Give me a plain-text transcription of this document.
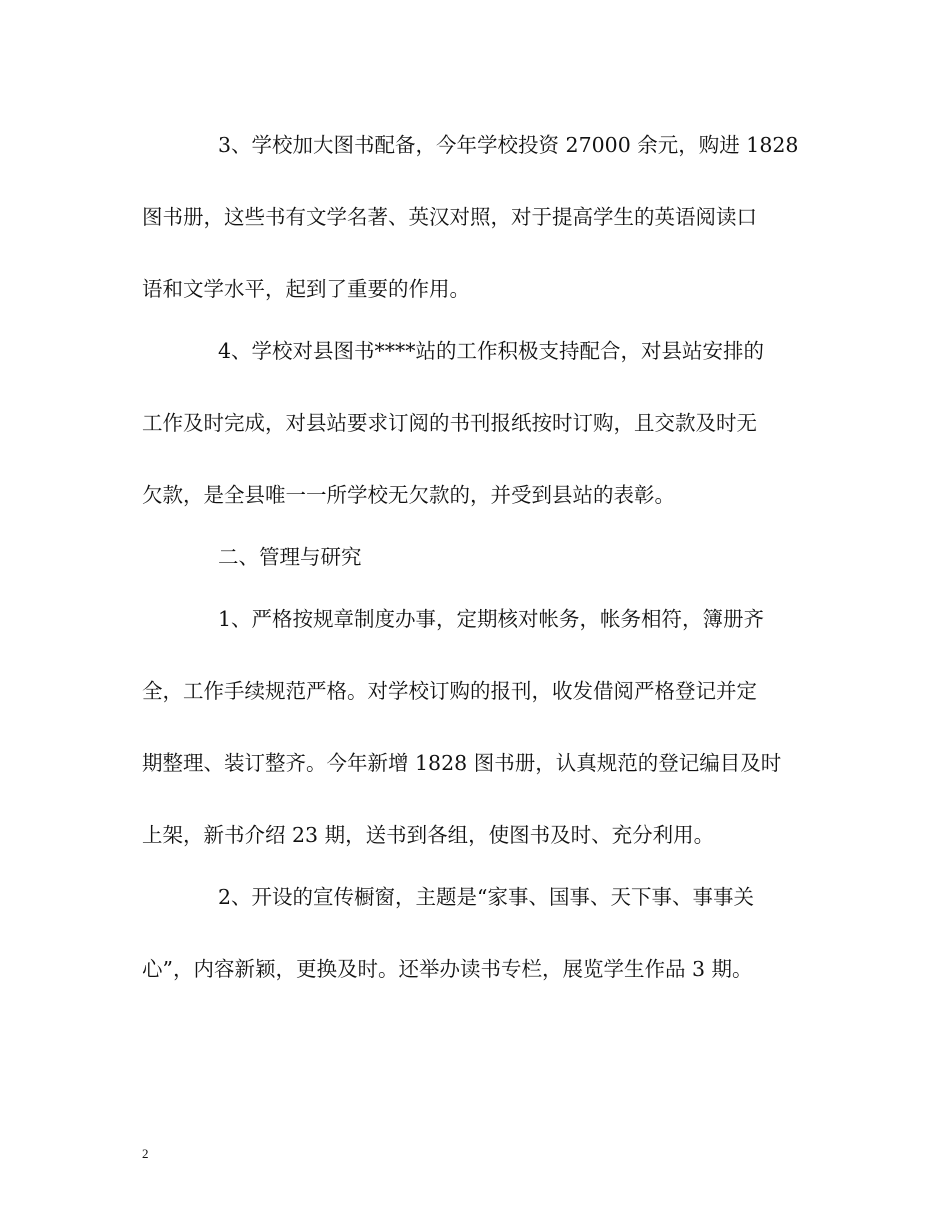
3、学校加大图书配备，今年学校投资 27000 余元，购进 1828
图书册，这些书有文学名著、英汉对照，对于提高学生的英语阅读口
语和文学水平，起到了重要的作用。
4、学校对县图书****站的工作积极支持配合，对县站安排的
工作及时完成，对县站要求订阅的书刊报纸按时订购，且交款及时无
欠款，是全县唯一一所学校无欠款的，并受到县站的表彰。
二、管理与研究
1、严格按规章制度办事，定期核对帐务，帐务相符，簿册齐
全，工作手续规范严格。对学校订购的报刊，收发借阅严格登记并定
期整理、装订整齐。今年新增 1828 图书册，认真规范的登记编目及时
上架，新书介绍 23 期，送书到各组，使图书及时、充分利用。
2、开设的宣传橱窗，主题是“家事、国事、天下事、事事关
心”，内容新颖，更换及时。还举办读书专栏，展览学生作品 3 期。
2
